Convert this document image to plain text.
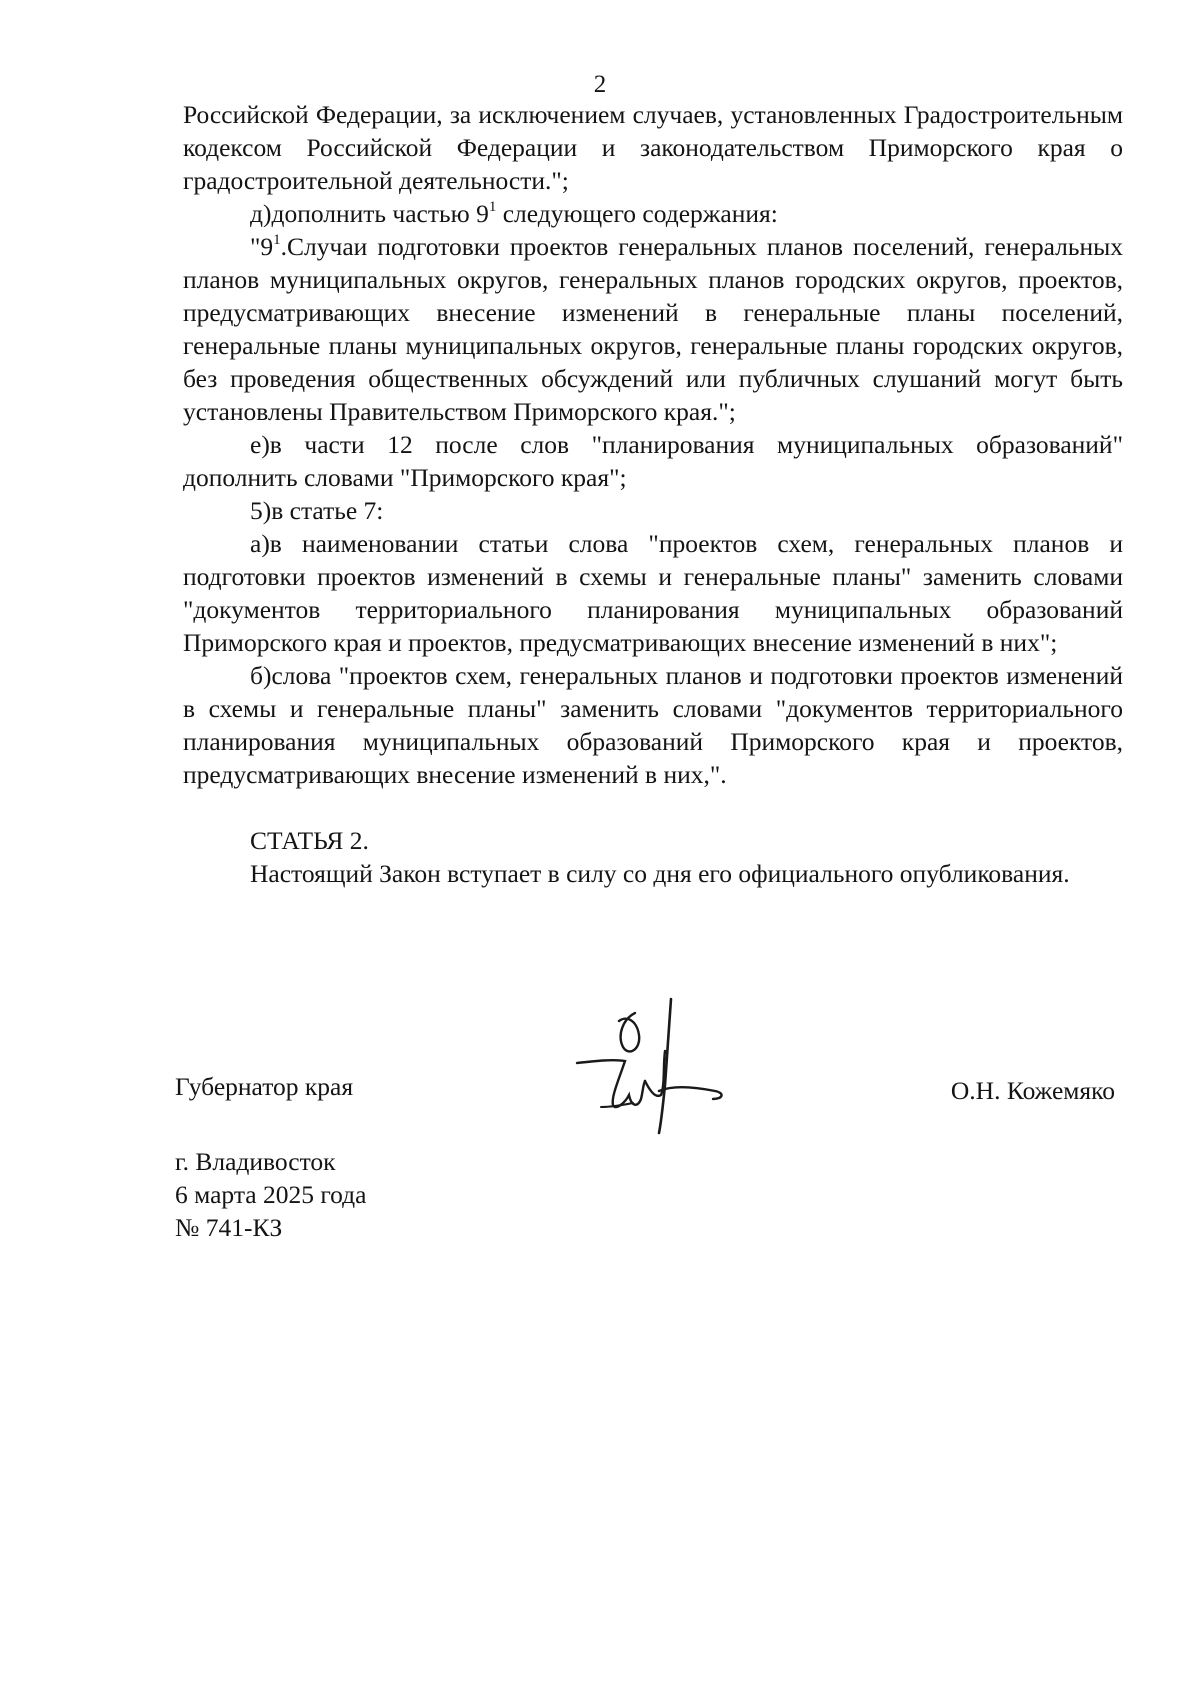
2

Российской Федерации, за исключением случаев, установленных Градостроительным кодексом Российской Федерации и законодательством Приморского края о градостроительной деятельности.";

д)дополнить частью $9^1$ следующего содержания:

"$9^1.Случаи$ подготовки проектов генеральных планов поселений, генеральных планов муниципальных округов, генеральных планов городских округов, проектов, предусматривающих внесение изменений в генеральные планы поселений, генеральные планы муниципальных округов, генеральные планы городских округов, без проведения общественных обсуждений или публичных слушаний могут быть установлены Правительством Приморского края.";

е)в части 12 после слов "планирования муниципальных образований" дополнить словами "Приморского края";

5)в статье 7:

а)в наименовании статьи слова "проектов схем, генеральных планов и подготовки проектов изменений в схемы и генеральные планы" заменить словами "документов территориального планирования муниципальных образований Приморского края и проектов, предусматривающих внесение изменений в них";

б)слова "проектов схем, генеральных планов и подготовки проектов изменений в схемы и генеральные планы" заменить словами "документов территориального планирования муниципальных образований Приморского края и проектов, предусматривающих внесение изменений в них,".

СТАТЬЯ 2.

Настоящий Закон вступает в силу со дня его официального опубликования.

Губернатор края	О.Н. Кожемяко
г. Владивосток
6 марта 2025 года
№ 741-КЗ
